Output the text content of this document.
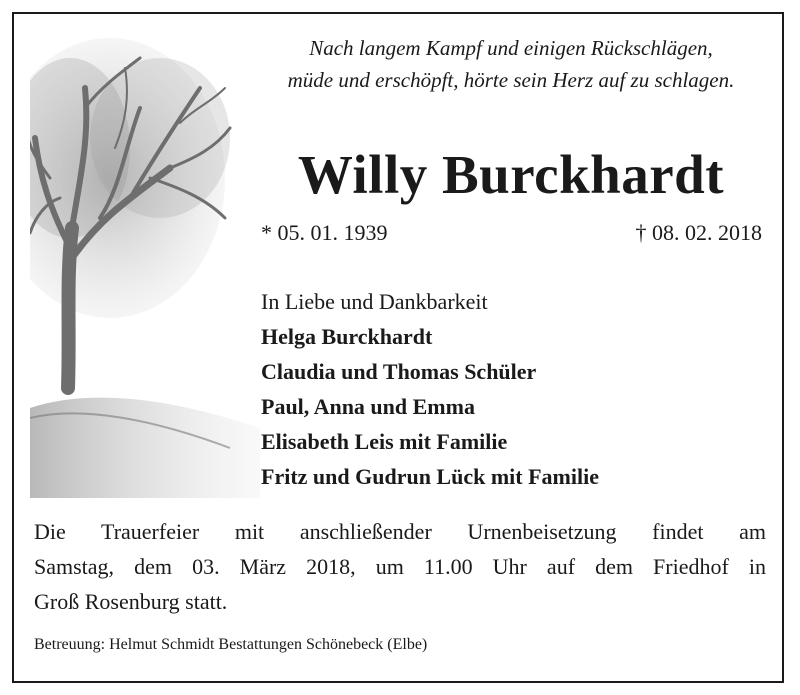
Nach langem Kampf und einigen Rückschlägen,
müde und erschöpft, hörte sein Herz auf zu schlagen.
Willy Burckhardt
* 05. 01. 1939	† 08. 02. 2018
In Liebe und Dankbarkeit
Helga Burckhardt
Claudia und Thomas Schüler
Paul, Anna und Emma
Elisabeth Leis mit Familie
Fritz und Gudrun Lück mit Familie
Die Trauerfeier mit anschließender Urnenbeisetzung findet am
Samstag, dem 03. März 2018, um 11.00 Uhr auf dem Friedhof in
Groß Rosenburg statt.
Betreuung: Helmut Schmidt Bestattungen Schönebeck (Elbe)
